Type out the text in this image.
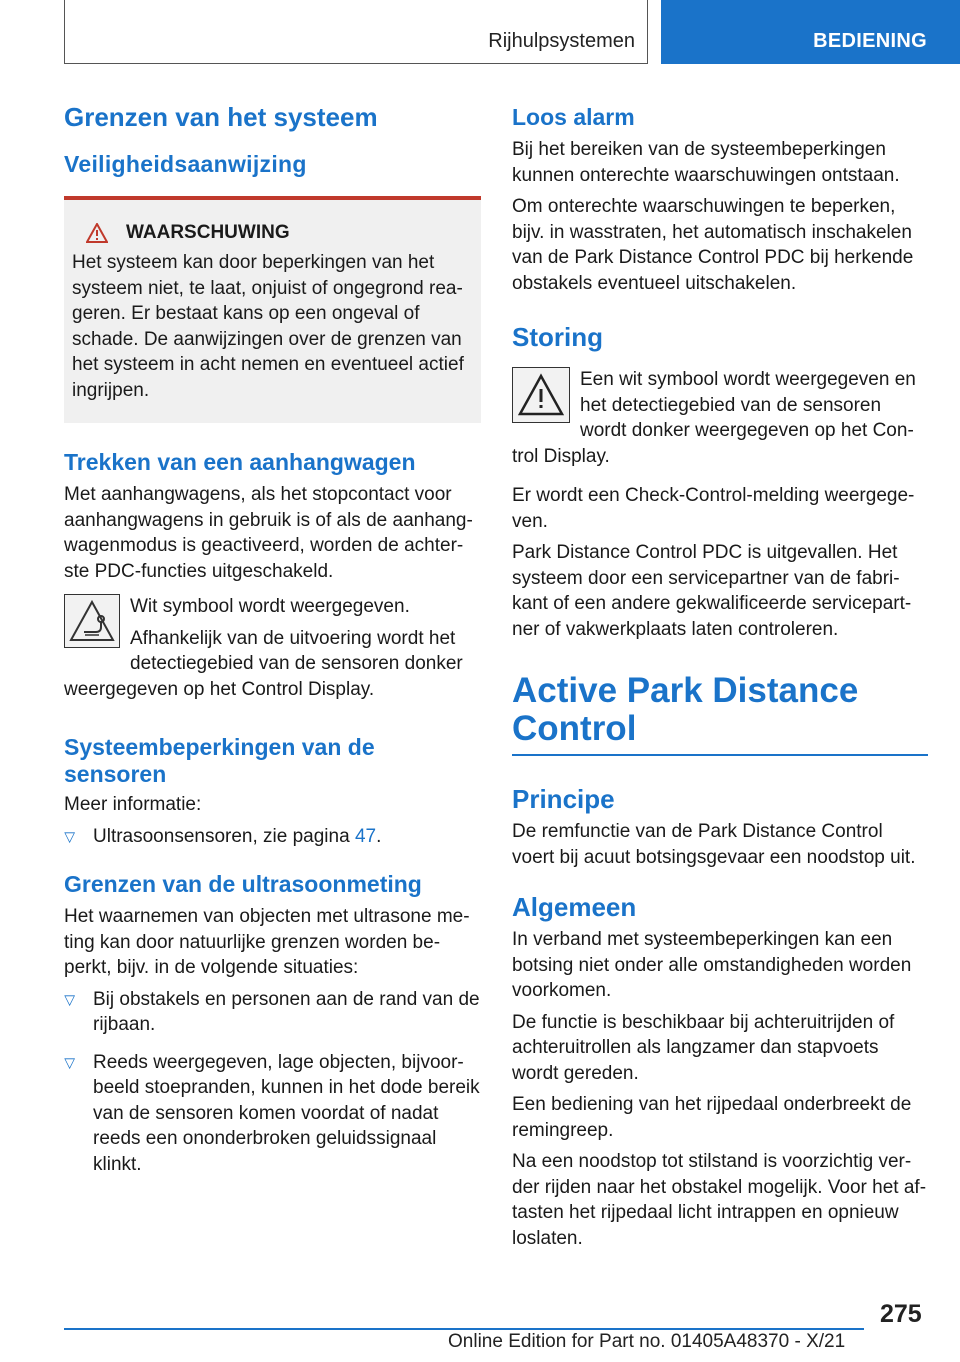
Rijhulpsystemen	BEDIENING
Grenzen van het systeem
Veiligheidsaanwijzing
WAARSCHUWING

Het systeem kan door beperkingen van het systeem niet, te laat, onjuist of ongegrond reageren. Er bestaat kans op een ongeval of schade. De aanwijzingen over de grenzen van het systeem in acht nemen en eventueel actief ingrijpen.

Trekken van een aanhangwagen

Met aanhangwagens, als het stopcontact voor aanhangwagens in gebruik is of als de aanhangwagenmodus is geactiveerd, worden de achterste PDC-functies uitgeschakeld.

Wit symbool wordt weergegeven.

Afhankelijk van de uitvoering wordt het detectiegebied van de sensoren donker weergegeven op het Control Display.

Systeembeperkingen van de sensoren

Meer informatie:

▷ Ultrasoonsensoren, zie pagina 47.
Grenzen van de ultrasoonmeting

Het waarnemen van objecten met ultrasone meting kan door natuurlijke grenzen worden beperkt, bijv. in de volgende situaties:

▷ Bij obstakels en personen aan de rand van de rijbaan.
▷ Reeds weergegeven, lage objecten, bijvoorbeeld stoepranden, kunnen in het dode bereik van de sensoren komen voordat of nadat reeds een ononderbroken geluidssignaal klinkt.
Loos alarm

Bij het bereiken van de systeembeperkingen kunnen onterechte waarschuwingen ontstaan.

Om onterechte waarschuwingen te beperken, bijv. in wasstraten, het automatisch inschakelen van de Park Distance Control PDC bij herkende obstakels eventueel uitschakelen.

Storing

Een wit symbool wordt weergegeven en het detectiegebied van de sensoren wordt donker weergegeven op het Control Display.

Er wordt een Check-Control-melding weergegeven.

Park Distance Control PDC is uitgevallen. Het systeem door een servicepartner van de fabrikant of een andere gekwalificeerde servicepartner of vakwerkplaats laten controleren.

Active Park Distance Control
Principe

De remfunctie van de Park Distance Control voert bij acuut botsingsgevaar een noodstop uit.

Algemeen

In verband met systeembeperkingen kan een botsing niet onder alle omstandigheden worden voorkomen.

De functie is beschikbaar bij achteruitrijden of achteruitrollen als langzamer dan stapvoets wordt gereden.

Een bediening van het rijpedaal onderbreekt de remingreep.

Na een noodstop tot stilstand is voorzichtig verder rijden naar het obstakel mogelijk. Voor het aftasten het rijpedaal licht intrappen en opnieuw loslaten.

275
Online Edition for Part no. 01405A48370 - X/21
